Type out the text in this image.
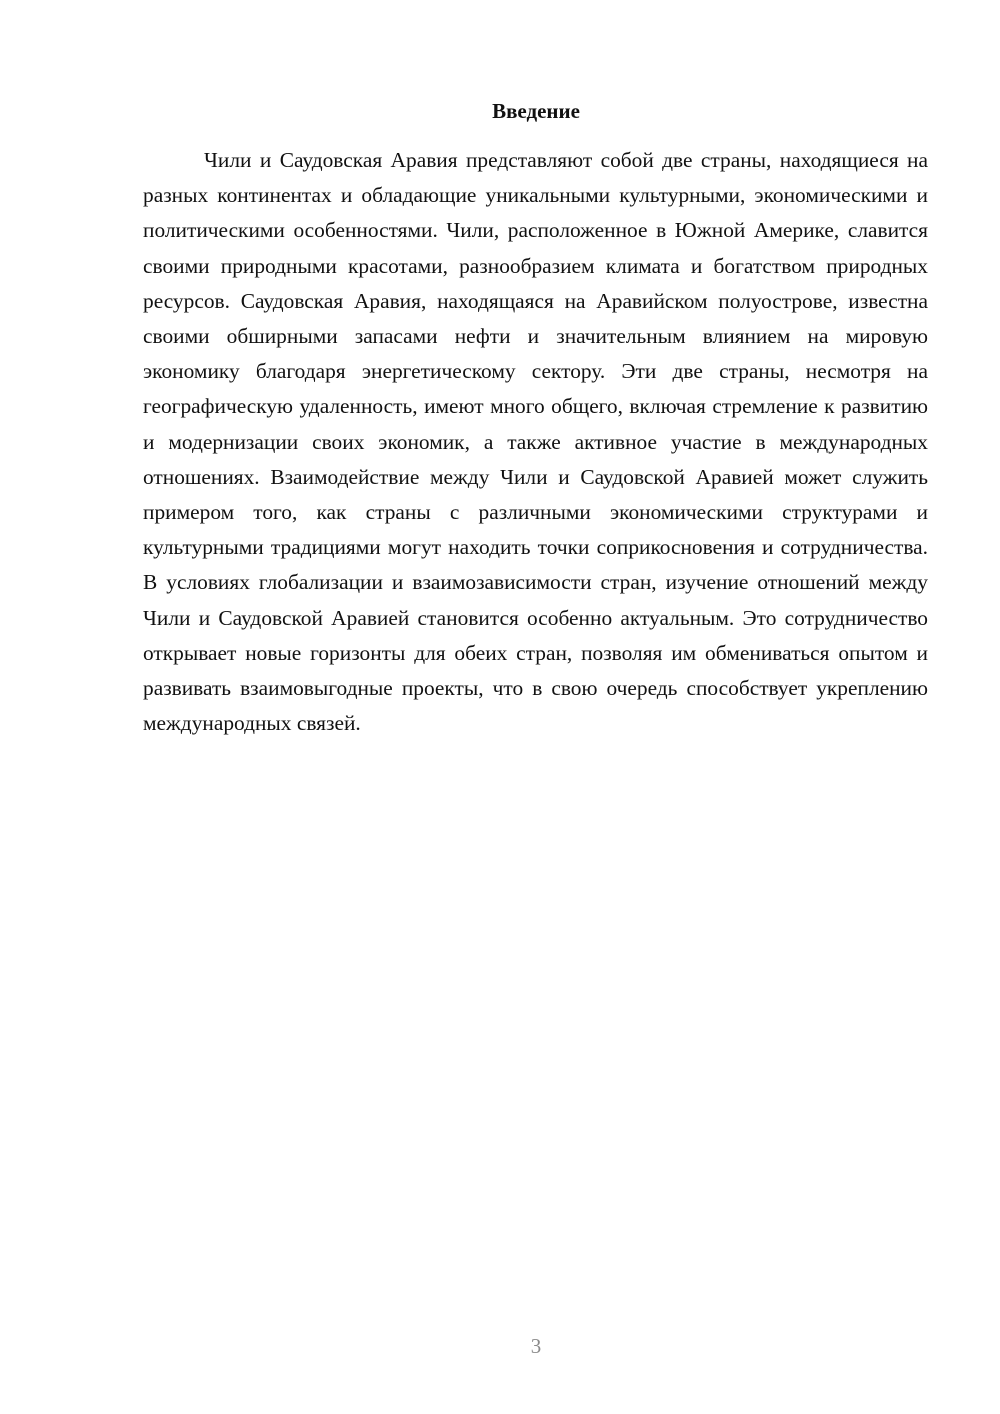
Введение

Чили и Саудовская Аравия представляют собой две страны, находящиеся на разных континентах и обладающие уникальными культурными, экономическими и политическими особенностями. Чили, расположенное в Южной Америке, славится своими природными красотами, разнообразием климата и богатством природных ресурсов. Саудовская Аравия, находящаяся на Аравийском полуострове, известна своими обширными запасами нефти и значительным влиянием на мировую экономику благодаря энергетическому сектору. Эти две страны, несмотря на географическую удаленность, имеют много общего, включая стремление к развитию и модернизации своих экономик, а также активное участие в международных отношениях. Взаимодействие между Чили и Саудовской Аравией может служить примером того, как страны с различными экономическими структурами и культурными традициями могут находить точки соприкосновения и сотрудничества. В условиях глобализации и взаимозависимости стран, изучение отношений между Чили и Саудовской Аравией становится особенно актуальным. Это сотрудничество открывает новые горизонты для обеих стран, позволяя им обмениваться опытом и развивать взаимовыгодные проекты, что в свою очередь способствует укреплению международных связей.

3
